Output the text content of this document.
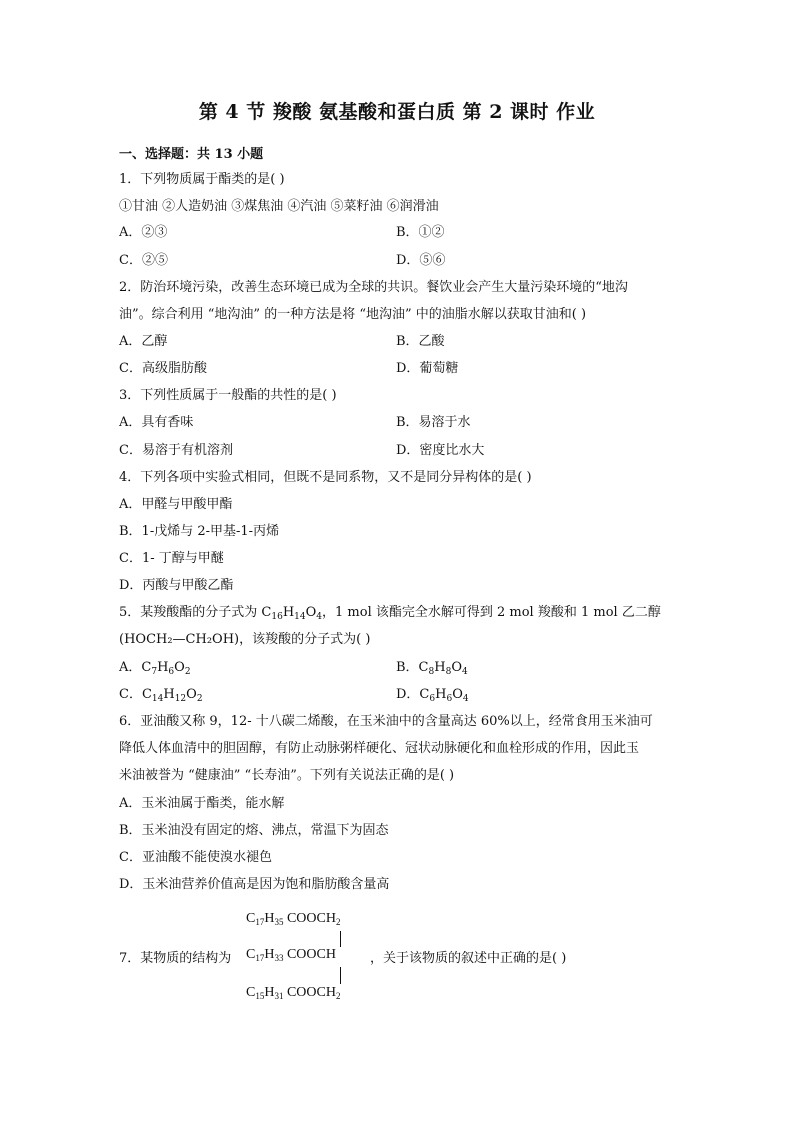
第 4 节 羧酸 氨基酸和蛋白质 第 2 课时 作业
一、选择题：共 13 小题
1．下列物质属于酯类的是( )
①甘油 ②人造奶油 ③煤焦油 ④汽油 ⑤菜籽油 ⑥润滑油
A．②③	B．①②
C．②⑤	D．⑤⑥
2．防治环境污染，改善生态环境已成为全球的共识。餐饮业会产生大量污染环境的“地沟
油”。综合利用 “地沟油” 的一种方法是将 “地沟油” 中的油脂水解以获取甘油和( )
A．乙醇	B．乙酸
C．高级脂肪酸	D．葡萄糖
3．下列性质属于一般酯的共性的是( )
A．具有香味	B．易溶于水
C．易溶于有机溶剂	D．密度比水大
4．下列各项中实验式相同，但既不是同系物，又不是同分异构体的是( )
A．甲醛与甲酸甲酯
B．1-戊烯与 2-甲基-1-丙烯
C．1- 丁醇与甲醚
D．丙酸与甲酸乙酯
5．某羧酸酯的分子式为 $C_{16}H_{14}O_4$，1 mol 该酯完全水解可得到 2 mol 羧酸和 1 mol 乙二醇
(HOCH₂—CH₂OH)，该羧酸的分子式为( )
A．$C_7H_6O_2$	B．$C_8H_8O_4$
C．$C_{14}H_{12}O_2$	D．$C_6H_6O_4$
6．亚油酸又称 9，12- 十八碳二烯酸，在玉米油中的含量高达 60%以上，经常食用玉米油可
降低人体血清中的胆固醇，有防止动脉粥样硬化、冠状动脉硬化和血栓形成的作用，因此玉
米油被誉为 “健康油” “长寿油”。下列有关说法正确的是( )
A．玉米油属于酯类，能水解
B．玉米油没有固定的熔、沸点，常温下为固态
C．亚油酸不能使溴水褪色
D．玉米油营养价值高是因为饱和脂肪酸含量高
$C_{17}H_{35}$ $COOCH_2$
7．某物质的结构为 $C_{17}H_{33}$ COOCH	，关于该物质的叙述中正确的是( )
$C_{15}H_{31}$ $COOCH_2$
